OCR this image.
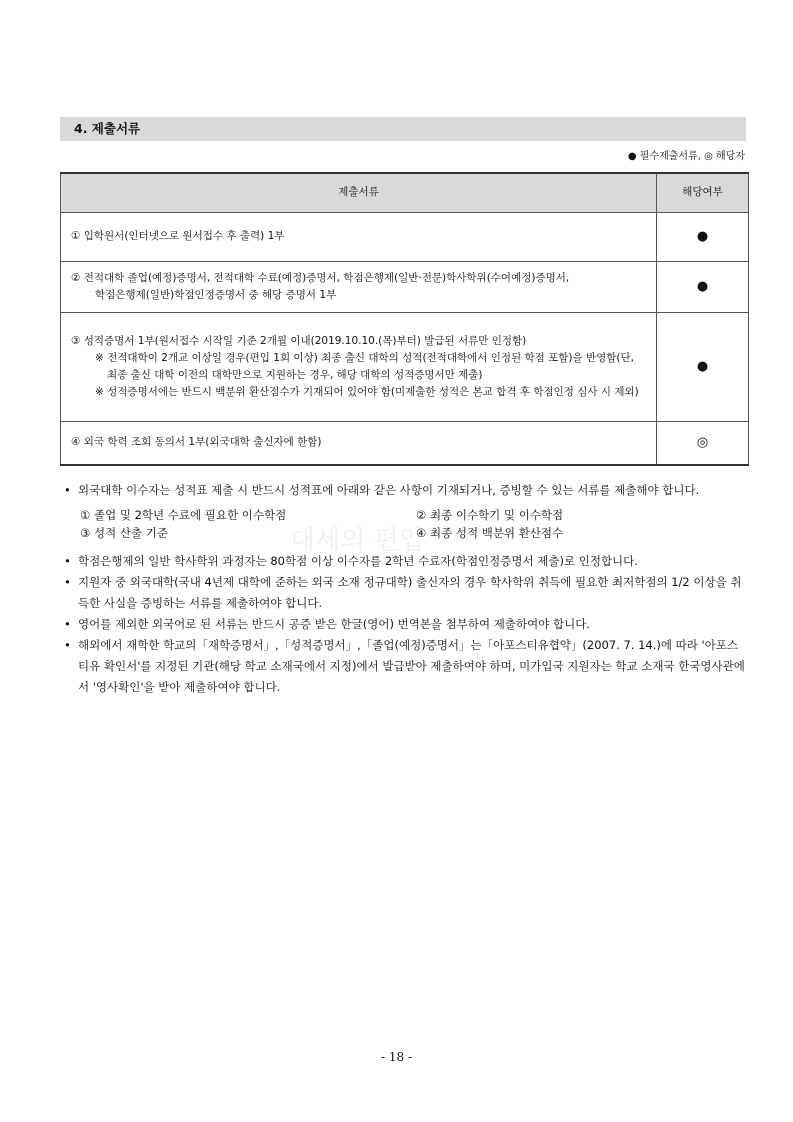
4. 제출서류
● 필수제출서류, ◎ 해당자
제출서류	해당여부

① 입학원서(인터넷으로 원서접수 후 출력) 1부	●

② 전적대학 졸업(예정)증명서, 전적대학 수료(예정)증명서, 학점은행제(일반·전문)학사학위(수여예정)증명서,
학점은행제(일반)학점인정증명서 중 해당 증명서 1부	●

③ 성적증명서 1부(원서접수 시작일 기준 2개월 이내(2019.10.10.(목)부터) 발급된 서류만 인정함)
※ 전적대학이 2개교 이상일 경우(편입 1회 이상) 최종 출신 대학의 성적(전적대학에서 인정된 학점 포함)을 반영함(단, 최종 출신 대학 이전의 대학만으로 지원하는 경우, 해당 대학의 성적증명서만 제출)
※ 성적증명서에는 반드시 백분위 환산점수가 기재되어 있어야 함(미제출한 성적은 본교 합격 후 학점인정 심사 시 제외)	●

④ 외국 학력 조회 동의서 1부(외국대학 출신자에 한함)	◎
대세의 편입
• 외국대학 이수자는 성적표 제출 시 반드시 성적표에 아래와 같은 사항이 기재되거나, 증빙할 수 있는 서류를 제출해야 합니다.
① 졸업 및 2학년 수료에 필요한 이수학점	② 최종 이수학기 및 이수학점
③ 성적 산출 기준	④ 최종 성적 백분위 환산점수
• 학점은행제의 일반 학사학위 과정자는 80학점 이상 이수자를 2학년 수료자(학점인정증명서 제출)로 인정합니다.
• 지원자 중 외국대학(국내 4년제 대학에 준하는 외국 소재 정규대학) 출신자의 경우 학사학위 취득에 필요한 최저학점의 1/2 이상을 취득한 사실을 증빙하는 서류를 제출하여야 합니다.
• 영어를 제외한 외국어로 된 서류는 반드시 공증 받은 한글(영어) 번역본을 첨부하여 제출하여야 합니다.
• 해외에서 재학한 학교의「재학증명서」,「성적증명서」,「졸업(예정)증명서」는「아포스티유협약」(2007. 7. 14.)에 따라 '아포스티유 확인서'를 지정된 기관(해당 학교 소재국에서 지정)에서 발급받아 제출하여야 하며, 미가입국 지원자는 학교 소재국 한국영사관에서 '영사확인'을 받아 제출하여야 합니다.
- 18 -
